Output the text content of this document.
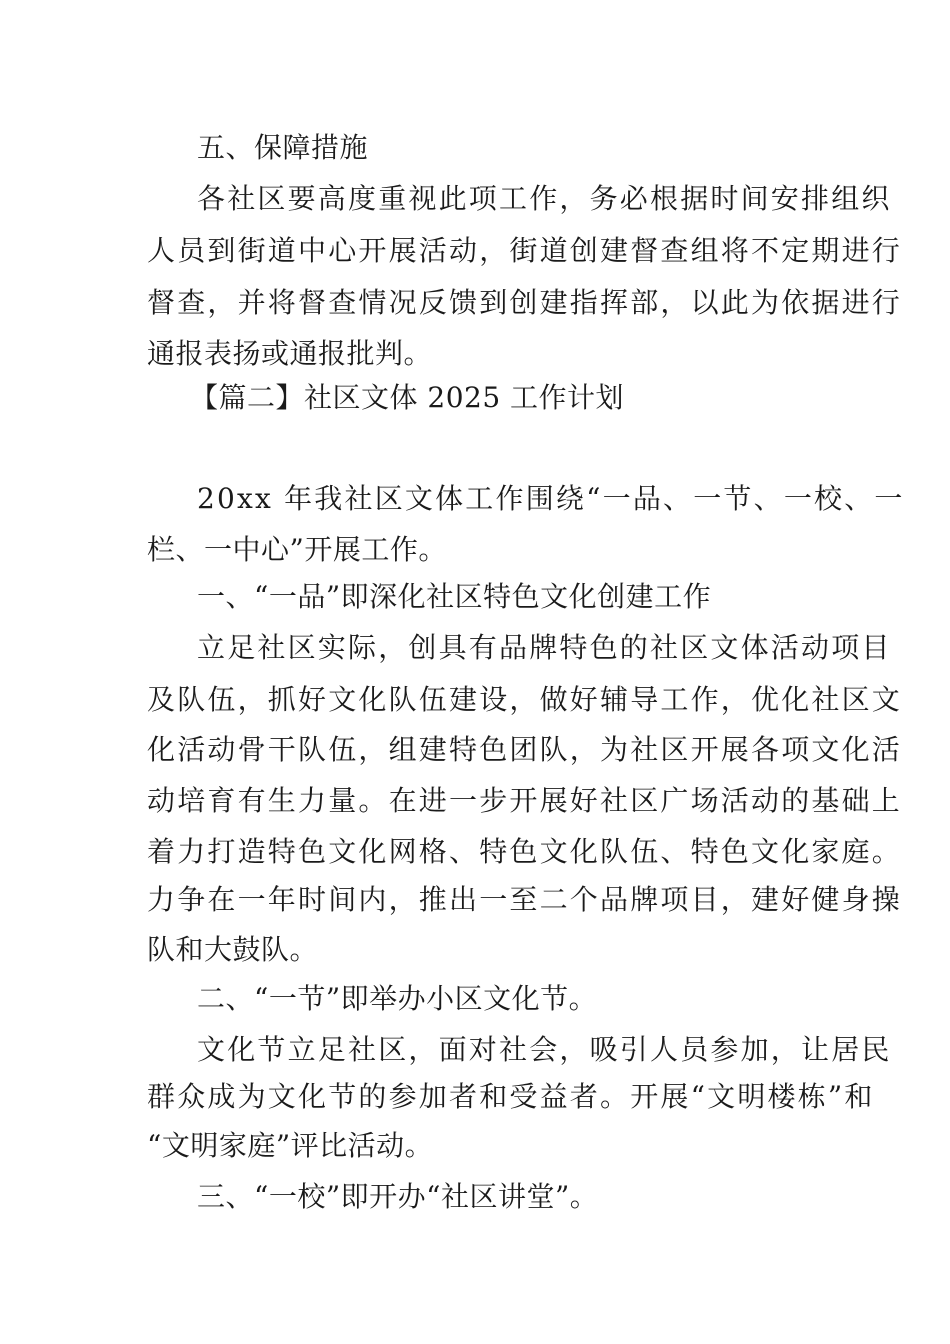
五、保障措施
各社区要高度重视此项工作，务必根据时间安排组织
人员到街道中心开展活动，街道创建督查组将不定期进行
督查，并将督查情况反馈到创建指挥部，以此为依据进行
通报表扬或通报批判。
【篇二】社区文体 2025 工作计划
20xx 年我社区文体工作围绕“一品、一节、一校、一
栏、一中心”开展工作。
一、“一品”即深化社区特色文化创建工作
立足社区实际，创具有品牌特色的社区文体活动项目
及队伍，抓好文化队伍建设，做好辅导工作，优化社区文
化活动骨干队伍，组建特色团队，为社区开展各项文化活
动培育有生力量。在进一步开展好社区广场活动的基础上
着力打造特色文化网格、特色文化队伍、特色文化家庭。
力争在一年时间内，推出一至二个品牌项目，建好健身操
队和大鼓队。
二、“一节”即举办小区文化节。
文化节立足社区，面对社会，吸引人员参加，让居民
群众成为文化节的参加者和受益者。开展“文明楼栋”和
“文明家庭”评比活动。
三、“一校”即开办“社区讲堂”。
